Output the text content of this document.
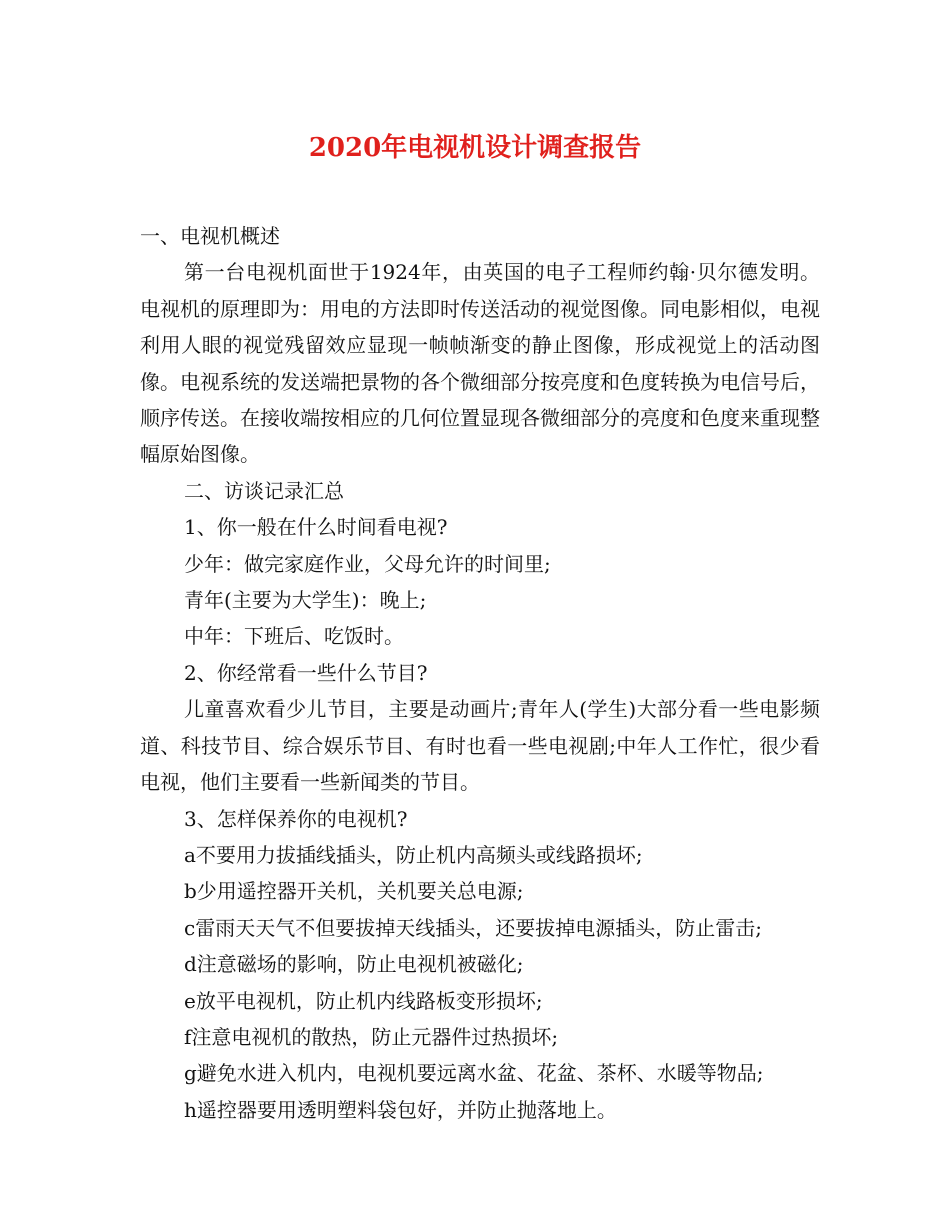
2020年电视机设计调查报告

一、电视机概述

第一台电视机面世于1924年，由英国的电子工程师约翰·贝尔德发明。电视机的原理即为：用电的方法即时传送活动的视觉图像。同电影相似，电视利用人眼的视觉残留效应显现一帧帧渐变的静止图像，形成视觉上的活动图像。电视系统的发送端把景物的各个微细部分按亮度和色度转换为电信号后，顺序传送。在接收端按相应的几何位置显现各微细部分的亮度和色度来重现整幅原始图像。

二、访谈记录汇总

1、你一般在什么时间看电视?

少年：做完家庭作业，父母允许的时间里;

青年(主要为大学生)：晚上;

中年：下班后、吃饭时。

2、你经常看一些什么节目?

儿童喜欢看少儿节目，主要是动画片;青年人(学生)大部分看一些电影频道、科技节目、综合娱乐节目、有时也看一些电视剧;中年人工作忙，很少看电视，他们主要看一些新闻类的节目。

3、怎样保养你的电视机?

a不要用力拔插线插头，防止机内高频头或线路损坏;

b少用遥控器开关机，关机要关总电源;

c雷雨天天气不但要拔掉天线插头，还要拔掉电源插头，防止雷击;

d注意磁场的影响，防止电视机被磁化;

e放平电视机，防止机内线路板变形损坏;

f注意电视机的散热，防止元器件过热损坏;

g避免水进入机内，电视机要远离水盆、花盆、茶杯、水暖等物品;

h遥控器要用透明塑料袋包好，并防止抛落地上。
